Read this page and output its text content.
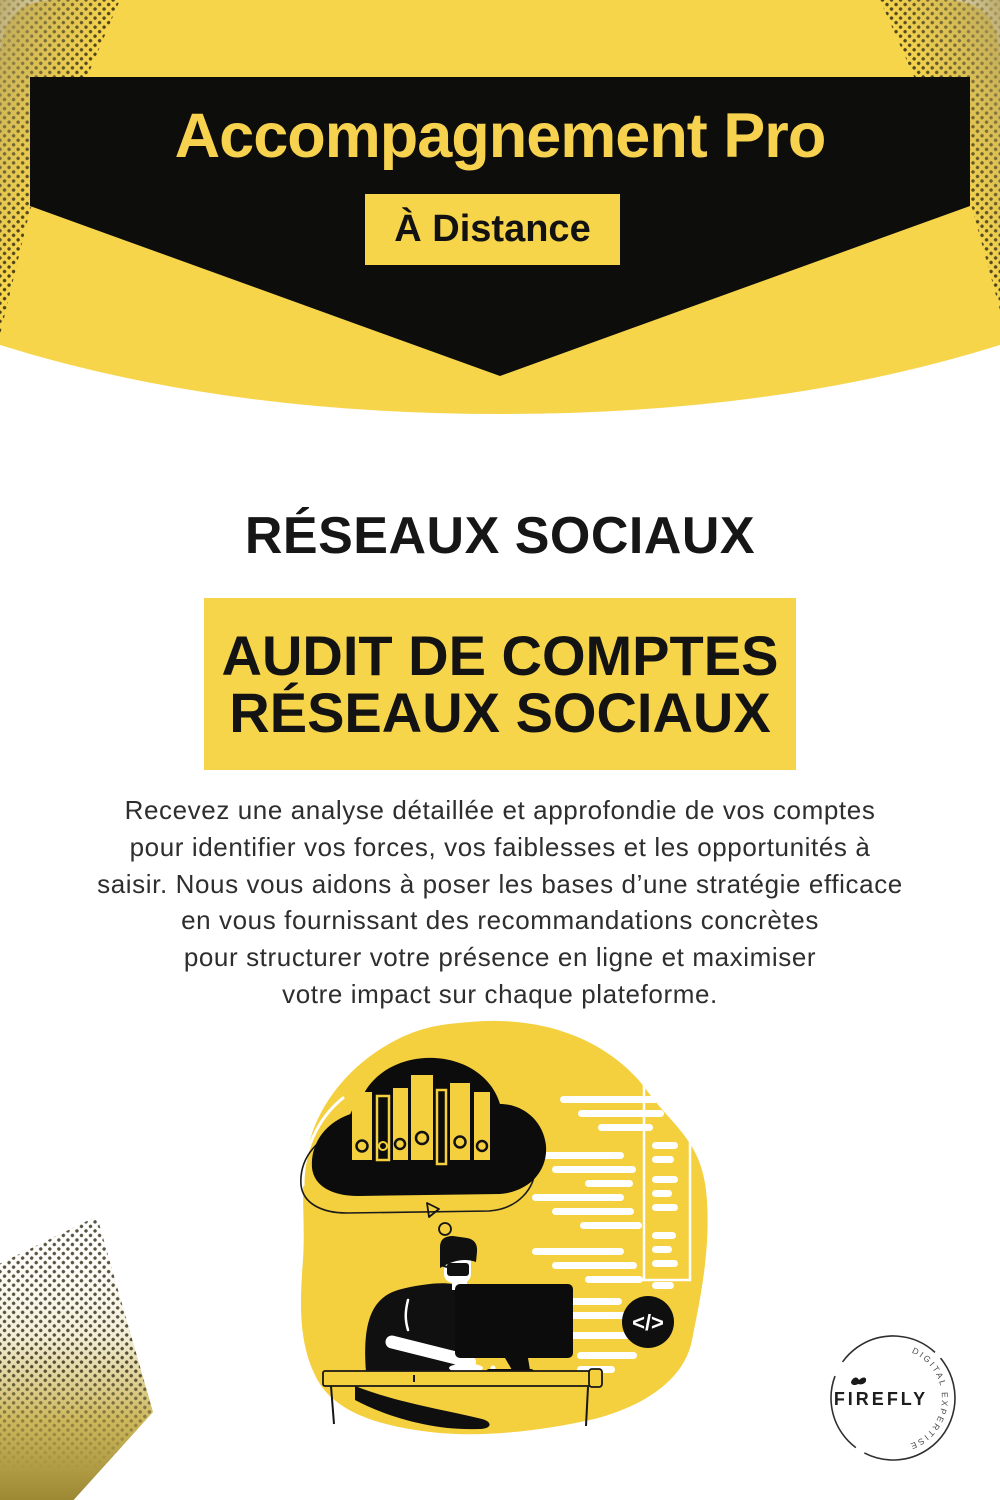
Accompagnement Pro
À Distance
RÉSEAUX SOCIAUX
AUDIT DE COMPTES
RÉSEAUX SOCIAUX
Recevez une analyse détaillée et approfondie de vos comptes
pour identifier vos forces, vos faiblesses et les opportunités à
saisir. Nous vous aidons à poser les bases d’une stratégie efficace
en vous fournissant des recommandations concrètes
pour structurer votre présence en ligne et maximiser
votre impact sur chaque plateforme.
</>
FIREFLY
DIGITAL EXPERTISE
